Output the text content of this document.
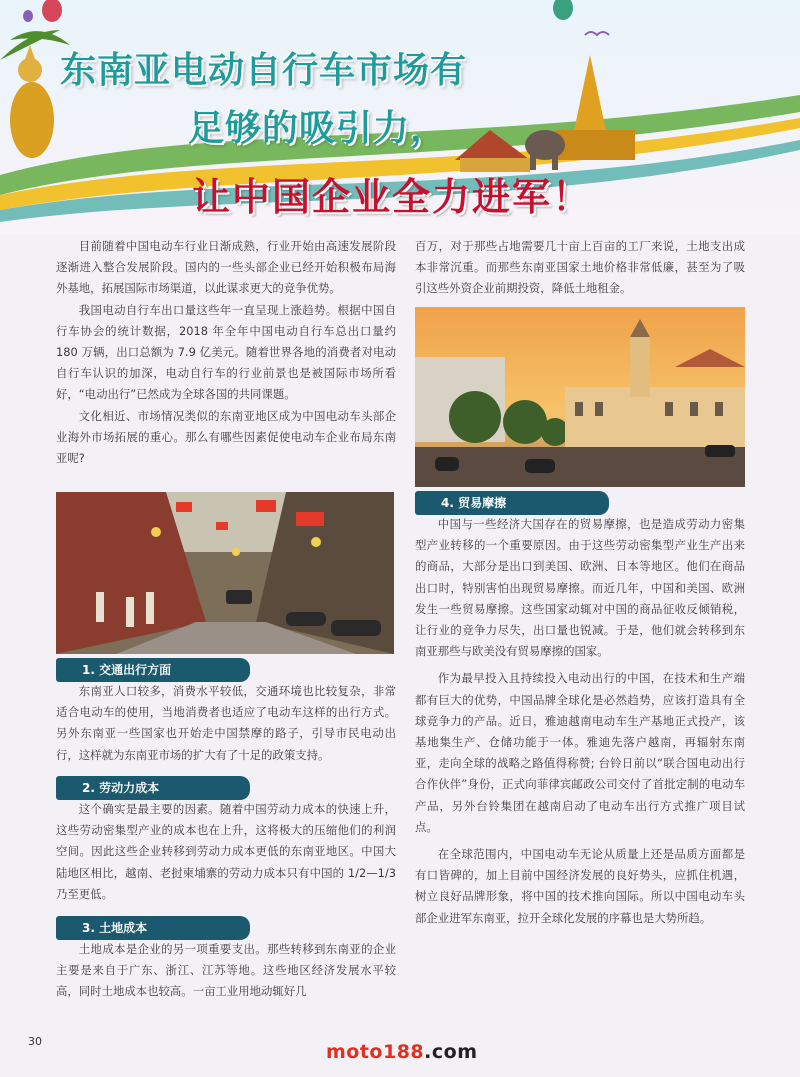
东南亚电动自行车市场有
足够的吸引力，
让中国企业全力进军！

目前随着中国电动车行业日渐成熟，行业开始由高速发展阶段逐渐进入整合发展阶段。国内的一些头部企业已经开始积极布局海外基地，拓展国际市场渠道，以此谋求更大的竞争优势。

我国电动自行车出口量这些年一直呈现上涨趋势。根据中国自行车协会的统计数据，2018 年全年中国电动自行车总出口量约 180 万辆，出口总额为 7.9 亿美元。随着世界各地的消费者对电动自行车认识的加深，电动自行车的行业前景也是被国际市场所看好，“电动出行”已然成为全球各国的共同课题。

文化相近、市场情况类似的东南亚地区成为中国电动车头部企业海外市场拓展的重心。那么有哪些因素促使电动车企业布局东南亚呢?

1. 交通出行方面

东南亚人口较多，消费水平较低，交通环境也比较复杂，非常适合电动车的使用，当地消费者也适应了电动车这样的出行方式。另外东南亚一些国家也开始走中国禁摩的路子，引导市民电动出行，这样就为东南亚市场的扩大有了十足的政策支持。

2. 劳动力成本

这个确实是最主要的因素。随着中国劳动力成本的快速上升，这些劳动密集型产业的成本也在上升，这将极大的压缩他们的利润空间。因此这些企业转移到劳动力成本更低的东南亚地区。中国大陆地区相比，越南、老挝柬埔寨的劳动力成本只有中国的 1/2—1/3 乃至更低。

3. 土地成本

土地成本是企业的另一项重要支出。那些转移到东南亚的企业主要是来自于广东、浙江、江苏等地。这些地区经济发展水平较高，同时土地成本也较高。一亩工业用地动辄好几

百万，对于那些占地需要几十亩上百亩的工厂来说，土地支出成本非常沉重。而那些东南亚国家土地价格非常低廉，甚至为了吸引这些外资企业前期投资，降低土地租金。

4. 贸易摩擦

中国与一些经济大国存在的贸易摩擦，也是造成劳动力密集型产业转移的一个重要原因。由于这些劳动密集型产业生产出来的商品，大部分是出口到美国、欧洲、日本等地区。他们在商品出口时，特别害怕出现贸易摩擦。而近几年，中国和美国、欧洲发生一些贸易摩擦。这些国家动辄对中国的商品征收反倾销税，让行业的竞争力尽失，出口量也锐减。于是，他们就会转移到东南亚那些与欧美没有贸易摩擦的国家。

作为最早投入且持续投入电动出行的中国，在技术和生产端都有巨大的优势，中国品牌全球化是必然趋势，应该打造具有全球竞争力的产品。近日，雅迪越南电动车生产基地正式投产，该基地集生产、仓储功能于一体。雅迪先落户越南，再辐射东南亚，走向全球的战略之路值得称赞; 台铃日前以“联合国电动出行合作伙伴”身份，正式向菲律宾邮政公司交付了首批定制的电动车产品，另外台铃集团在越南启动了电动车出行方式推广项目试点。

在全球范围内，中国电动车无论从质量上还是品质方面都是有口皆碑的，加上目前中国经济发展的良好势头，应抓住机遇，树立良好品牌形象，将中国的技术推向国际。所以中国电动车头部企业进军东南亚，拉开全球化发展的序幕也是大势所趋。

30	moto188.com
